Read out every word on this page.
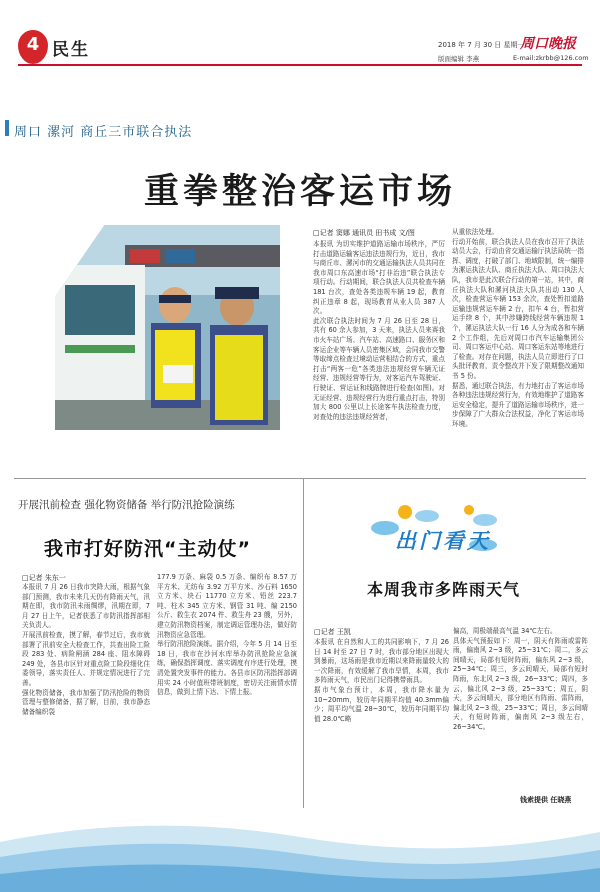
4 民生	2018 年 7 月 30 日 星期一
周口晚报
版面编辑 李燕	E-mail:zkrbb@126.com
周口 漯河 商丘三市联合执法
重拳整治客运市场
□记者 窦娜 通讯员 田书成 文/图

本报讯 为切实维护道路运输市场秩序，严厉打击道路运输客运违法违规行为，近日，我市与商丘市、漯河市的交通运输执法人员共同在我市周口东高速市场“打非治违”联合执法专项行动。行动期间，联合执法人员共检查车辆 181 台次，查处各类违规车辆 19 起，教育纠正违章 8 起，现场教育从业人员 387 人次。

此次联合执法时间为 7 月 26 日至 28 日，共有 60 余人参加，3 天来，执法人员来赛我市火车站广场、汽车站、高速路口、服务区和客运企业等车辆人员密集区域，会同我市交警等取缔点检查过境动运营相结合的方式，重点打击“两客一危”各类违法违规经营车辆无证经营、违规经营等行为，对客运汽车驾驶证、行驶证、营运证和线路牌进行检查(如图)。对无证经营、违规经营行为进行重点打击，特别加大 800 公里以上长途客车执法检查力度，对查处的违法违规经营者，

从重依法处理。

行动开始前，联合执法人员在我市召开了执法动员大会，行动由省交通运输厅执法局统一指挥、调度，打破了部门、地域限制，统一编排为漯运执法大队、商丘执法大队、周口执法大队，我市是此次联合行动的第一站，其中，商丘执法大队和漯河执法大队共出动 130 人次，检查营运车辆 153 余次，查处暂扣道路运输违规营运车辆 2 台，扣车 4 台，暂扣营运手续 8 个，其中涉嫌跨线经营车辆违规 1 个，漯运执法大队一行 16 人分为成各和车辆 2 个工作组，先后对周口市汽车运输集团公司、周口客运中心站、周口客运东站等地进行了检查。对存在问题，执法人员立即进行了口头批评教育，责令整改并下发了限期整改通知书 5 份。

据悉，通过联合执法，有力地打击了客运市场各种违法违规经营行为，有效地维护了道路客运安全稳定，提升了道路运输市场秩序，进一步保障了广大群众合法权益，净化了客运市场环境。

开展汛前检查 强化物资储备 举行防汛抢险演练
我市打好防汛“主动仗”
□记者 朱东一

本报讯 7 月 26 日我市突降大雨，根据气象部门预测，我市未来几天仍有降雨天气，汛期在即，我市防汛未雨绸缪，汛期在即，7 月 27 日上午，记者获悉了市防汛指挥部相关负责人。

开展汛前检查，摸了解，春节过后，我市就部署了汛前安全大检查工作，共查出险工险段 283 处、病险闸涵 284 座、阻水障碍 249 处，各县市区针对重点险工险段细化住委领导，落实责任人、并规定情况进行了完善。

强化物资储备，我市加强了防汛抢险的物资管理与整修储备，据了解，目前，我市静态储备编织袋

177.9 万条、麻袋 0.5 万条、编织布 8.57 万平方米、无纺布 3.92 万平方米、沙石料 1650 立方米、块石 11770 立方米、铅丝 223.7 吨、柱木 345 立方米、钢管 31 吨、编 2150 公斤、救生衣 2074 件、救生舟 23 艘，另外，建立防汛物资档案，制定调运管理办法，做好防汛物资应急管理。

举行防汛抢险演练。据介绍，今年 5 月 14 日至 18 日，我市在沙河水库举办防汛抢险应急演练，确保指挥调度、落实调度有序进行处理，摸清处置突发事件的能力。各县市区防汛指挥部调用实 24 小时值班带班制度，密切关注雨情水情信息，做到上情下达、下情上报。

出门看天
本周我市多阵雨天气
□记者 王凯

本报讯 在自然和人工的共同影响下，7 月 26 日 14 时至 27 日 7 时，我市部分地区出现大到暴雨，这场雨是我市近期以来降雨量较大的一次降雨，有效缓解了我市旱情，本周，我市多阵雨天气，市民出门记得携带雨具。

据市气象台预计，本周，我市降水量为 10~20mm，较历年同期平均值 40.3mm偏少；周平均气温 28~30℃，较历年同期平均值 28.0℃略

偏高，周极端最高气温 34℃左右。

具体天气预报如下：周一，阴天有阵雨或雷阵雨，偏南风 2~3 级，25~31℃；周二，多云间晴天，局部有短时阵雨，偏东风 2~3 级，25~34℃；周三，多云间晴天，局部有短时阵雨，东北风 2~3 级，26~33℃；周四，多云，偏北风 2~3 级，25~33℃；周五，阴天，多云间晴天，部分地区有阵雨、雷阵雨，偏北风 2~3 级，25~33℃；周日，多云间晴天，有短时阵雨，偏南风 2~3 级左右，26~34℃。

钱索提供 任晓燕
